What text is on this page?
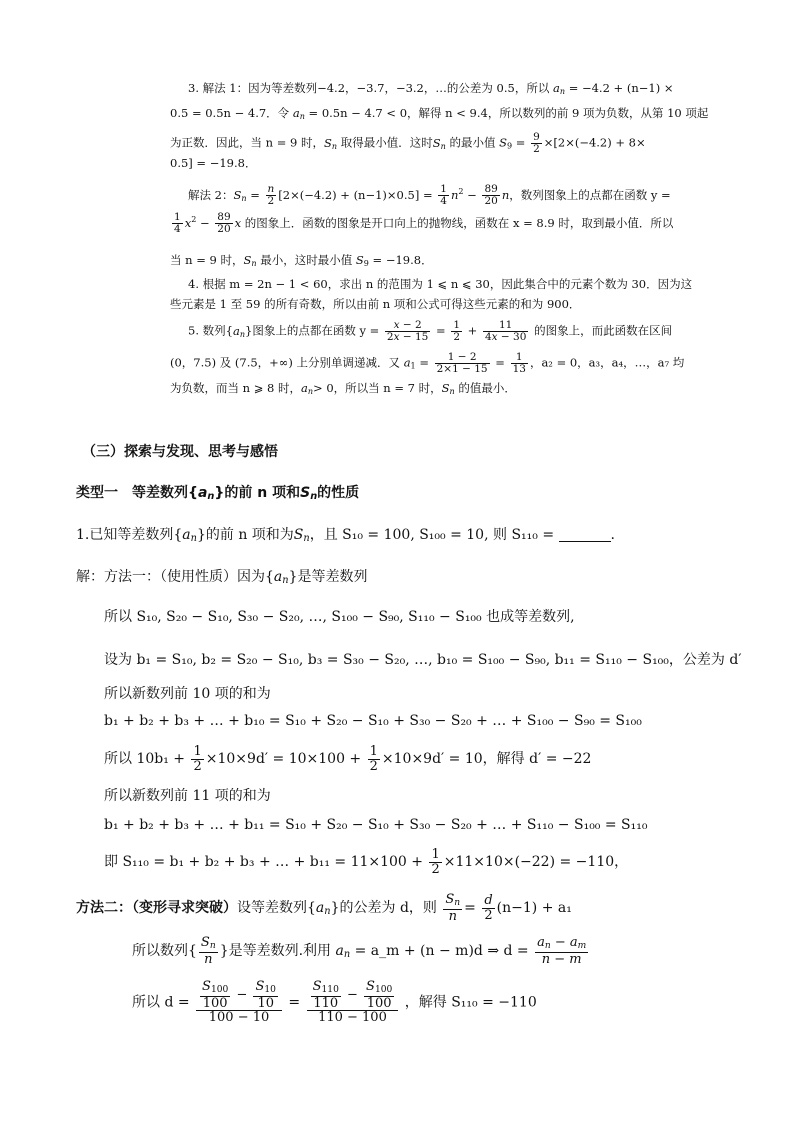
3. 解法 1：因为等差数列−4.2，−3.7，−3.2，…的公差为 0.5，所以 $a_n = -4.2 + (n-1)$ ×
0.5 = 0.5n − 4.7．令 $a_n = 0.5n - 4.7 < 0$，解得 n < 9.4，所以数列的前 9 项为负数，从第 10 项起
为正数．因此，当 n = 9 时，$S_n$ 取得最小值．这时$S_n$ 的最小值 $S_9 = \frac{9}{2} \times[2\times(-4.2) + 8\times$
0.5] = −19.8．
解法 2：$S_n = \frac{n}{2} [2\times(-4.2) + (n-1)\times 0.5] = \frac{1}{4} n^2 - \frac{89}{20}$ n，数列图象上的点都在函数 y =
$\frac{1}{4} x^2 - \frac{89}{20}$ x 的图象上．函数的图象是开口向上的抛物线，函数在 x = 8.9 时，取到最小值．所以
当 n = 9 时，$S_n$ 最小，这时最小值 $S_9 = -19.8$．
4. 根据 m = 2n − 1 < 60，求出 n 的范围为 1 ⩽ n ⩽ 30，因此集合中的元素个数为 30．因为这
些元素是 1 至 59 的所有奇数，所以由前 n 项和公式可得这些元素的和为 900．
5. 数列$\{a_n\}$图象上的点都在函数 $y = \frac{x - 2}{2x - 15} = \frac{1}{2} + \frac{11}{4x - 30}$ 的图象上，而此函数在区间
(0，7.5) 及 (7.5，+∞) 上分别单调递减．又 $a_1 = \frac{1 - 2}{2\times 1 - 15} = \frac{1}{13}$ ，a₂ = 0，a₃，a₄，…，a₇ 均
为负数，而当 n ⩾ 8 时，$a_n> 0$，所以当 n = 7 时，$S_n$ 的值最小．
（三）探索与发现、思考与感悟
类型一 等差数列$\{a_n\}$的前 n 项和$S_n$的性质
1.已知等差数列$\{a_n\}$的前 n 项和为$S_n$，且 S₁₀ = 100, S₁₀₀ = 10, 则 S₁₁₀ =	.
解：方法一：（使用性质）因为$\{a_n\}$是等差数列
所以 S₁₀, S₂₀ − S₁₀, S₃₀ − S₂₀, …, S₁₀₀ − S₉₀, S₁₁₀ − S₁₀₀ 也成等差数列,
设为 b₁ = S₁₀, b₂ = S₂₀ − S₁₀, b₃ = S₃₀ − S₂₀, …, b₁₀ = S₁₀₀ − S₉₀, b₁₁ = S₁₁₀ − S₁₀₀，公差为 d′
所以新数列前 10 项的和为
b₁ + b₂ + b₃ + … + b₁₀ = S₁₀ + S₂₀ − S₁₀ + S₃₀ − S₂₀ + … + S₁₀₀ − S₉₀ = S₁₀₀
所以 $10b_1 + \frac{1}{2} \times 10\times 9d' = 10\times 100 + \frac{1}{2} \times 10\times 9d' = 10$，解得 d′ = −22
所以新数列前 11 项的和为
b₁ + b₂ + b₃ + … + b₁₁ = S₁₀ + S₂₀ − S₁₀ + S₃₀ − S₂₀ + … + S₁₁₀ − S₁₀₀ = S₁₁₀
即 S₁₁₀ = b₁ + b₂ + b₃ + … + $b_{11} = 11\times 100 + \frac{1}{2} \times 11\times 10\times(-22) = -110$，
方法二：（变形寻求突破）设等差数列$\{a_n\}$的公差为 d，则 $\frac{S_n}{n} = \frac{d}{2} (n-1) + a_1$
所以数列{ $\frac{S_n}{n}$ }是等差数列.利用 $a_n$ = a_m + (n − m)d ⇒ $d = \frac{a_n - a_m}{n - m}$
所以 $d = \frac{\frac{S_{100}}{100} - \frac{S_{10}}{10}}{100 - 10} = \frac{\frac{S_{110}}{110} - \frac{S_{100}}{100}}{110 - 100}$ ，解得 S₁₁₀ = −110
